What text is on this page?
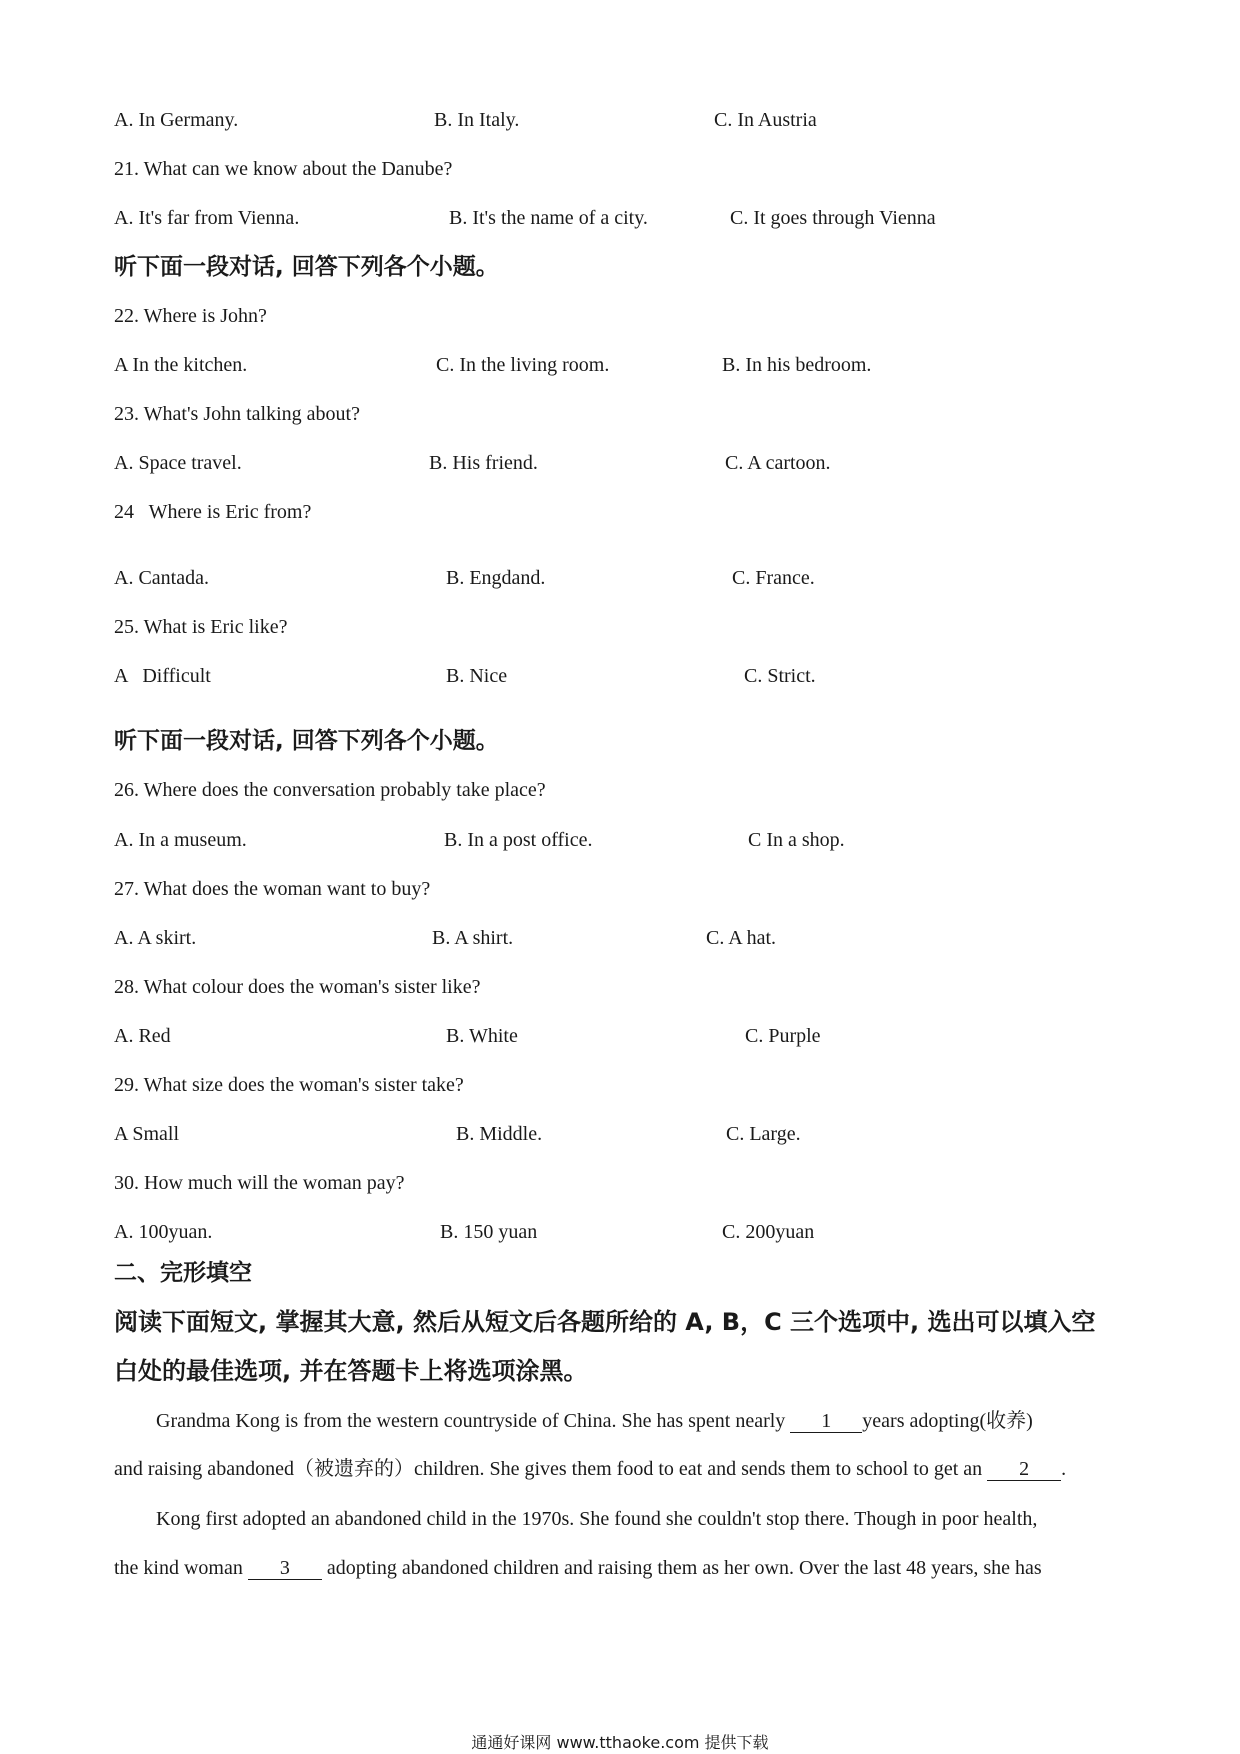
A. In Germany.	B. In Italy.	C. In Austria
21. What can we know about the Danube?
A. It's far from Vienna.	B. It's the name of a city.	C. It goes through Vienna
听下面一段对话, 回答下列各个小题。
22. Where is John?
A In the kitchen.	C. In the living room.	B. In his bedroom.
23. What's John talking about?
A. Space travel.	B. His friend.	C. A cartoon.
24   Where is Eric from?
A. Cantada.	B. Engdand.	C. France.
25. What is Eric like?
A   Difficult	B. Nice	C. Strict.
听下面一段对话, 回答下列各个小题。
26. Where does the conversation probably take place?
A. In a museum.	B. In a post office.	C In a shop.
27. What does the woman want to buy?
A. A skirt.	B. A shirt.	C. A hat.
28. What colour does the woman's sister like?
A. Red	B. White	C. Purple
29. What size does the woman's sister take?
A Small	B. Middle.	C. Large.
30. How much will the woman pay?
A. 100yuan.	B. 150 yuan	C. 200yuan
二、完形填空
阅读下面短文, 掌握其大意, 然后从短文后各题所给的 A, B，C 三个选项中, 选出可以填入空
白处的最佳选项, 并在答题卡上将选项涂黑。
Grandma Kong is from the western countryside of China. She has spent nearly 1 years adopting(收养)
and raising abandoned（被遗弃的）children. She gives them food to eat and sends them to school to get an 2 .
Kong first adopted an abandoned child in the 1970s. She found she couldn't stop there. Though in poor health,
the kind woman 3 adopting abandoned children and raising them as her own. Over the last 48 years, she has
通通好课网 www.tthaoke.com 提供下载
